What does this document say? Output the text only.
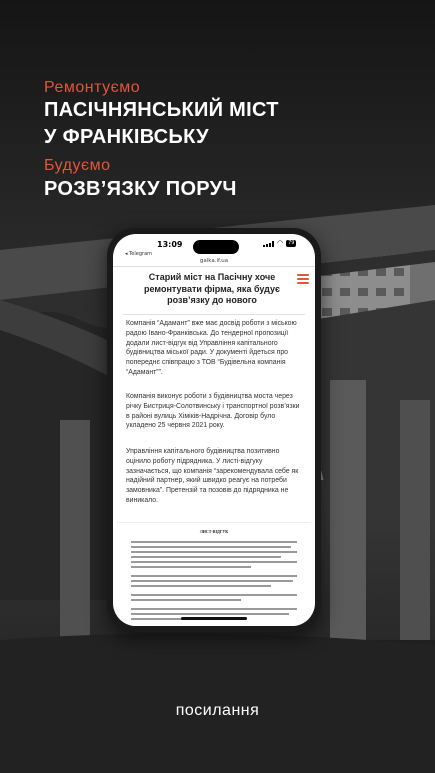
Ремонтуємо

ПАСІЧНЯНСЬКИЙ МІСТ

У ФРАНКІВСЬКУ

Будуємо

РОЗВ’ЯЗКУ ПОРУЧ

13:09
◂ Telegram
◠	79
galka.if.ua

Старий міст на Пасічну хоче ремонтувати фірма, яка будує розв’язку до нового

Компанія “Адамант” вже має досвід роботи з міською радою Івано-Франківська. До тендерної пропозиції додали лист-відгук від Управління капітального будівництва міської ради. У документі йдеться про попереднє співпрацю з ТОВ “Будівельна компанія “Адамант””.

Компанія виконує роботи з будівництва моста через річку Бистриця-Солотвинську і транспортної розв’язки в районі вулиць Хіміків-Надрічна. Договір було укладено 25 червня 2021 року.

Управління капітального будівництва позитивно оцінило роботу підрядника. У листі-відгуку зазначається, що компанія “зарекомендувала себе як надійний партнер, який швидко реагує на потреби замовника”. Претензій та позовів до підрядника не виникало.

ЛИСТ-ВІДГУК
посилання
